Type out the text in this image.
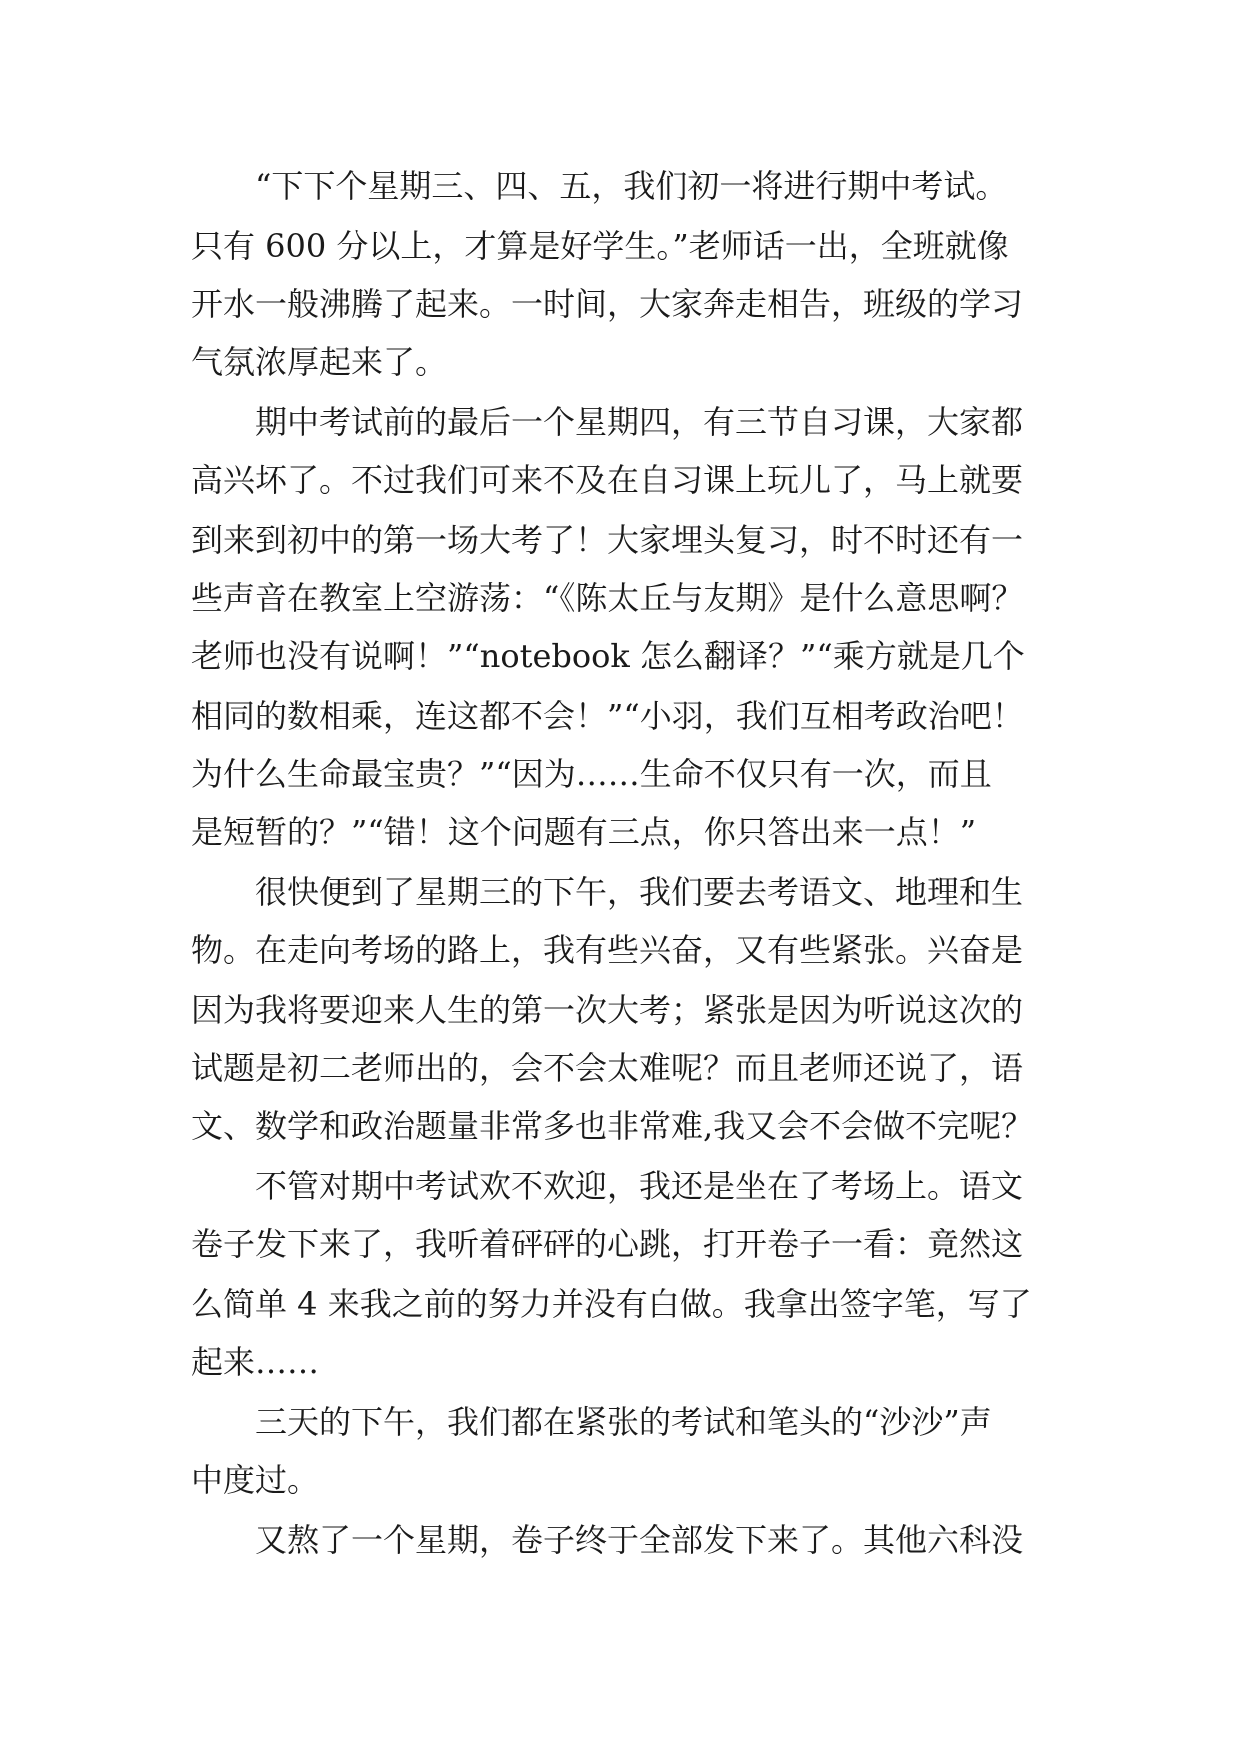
　　“下下个星期三、四、五，我们初一将进行期中考试。
只有 600 分以上，才算是好学生。”老师话一出，全班就像
开水一般沸腾了起来。一时间，大家奔走相告，班级的学习
气氛浓厚起来了。
　　期中考试前的最后一个星期四，有三节自习课，大家都
高兴坏了。不过我们可来不及在自习课上玩儿了，马上就要
到来到初中的第一场大考了！大家埋头复习，时不时还有一
些声音在教室上空游荡：“《陈太丘与友期》是什么意思啊？
老师也没有说啊！”“notebook 怎么翻译？”“乘方就是几个
相同的数相乘，连这都不会！”“小羽，我们互相考政治吧！
为什么生命最宝贵？”“因为……生命不仅只有一次，而且
是短暂的？”“错！这个问题有三点，你只答出来一点！”
　　很快便到了星期三的下午，我们要去考语文、地理和生
物。在走向考场的路上，我有些兴奋，又有些紧张。兴奋是
因为我将要迎来人生的第一次大考；紧张是因为听说这次的
试题是初二老师出的，会不会太难呢？而且老师还说了，语
文、数学和政治题量非常多也非常难,我又会不会做不完呢？
　　不管对期中考试欢不欢迎，我还是坐在了考场上。语文
卷子发下来了，我听着砰砰的心跳，打开卷子一看：竟然这
么简单 4 来我之前的努力并没有白做。我拿出签字笔，写了
起来……
　　三天的下午，我们都在紧张的考试和笔头的“沙沙”声
中度过。
　　又熬了一个星期，卷子终于全部发下来了。其他六科没
